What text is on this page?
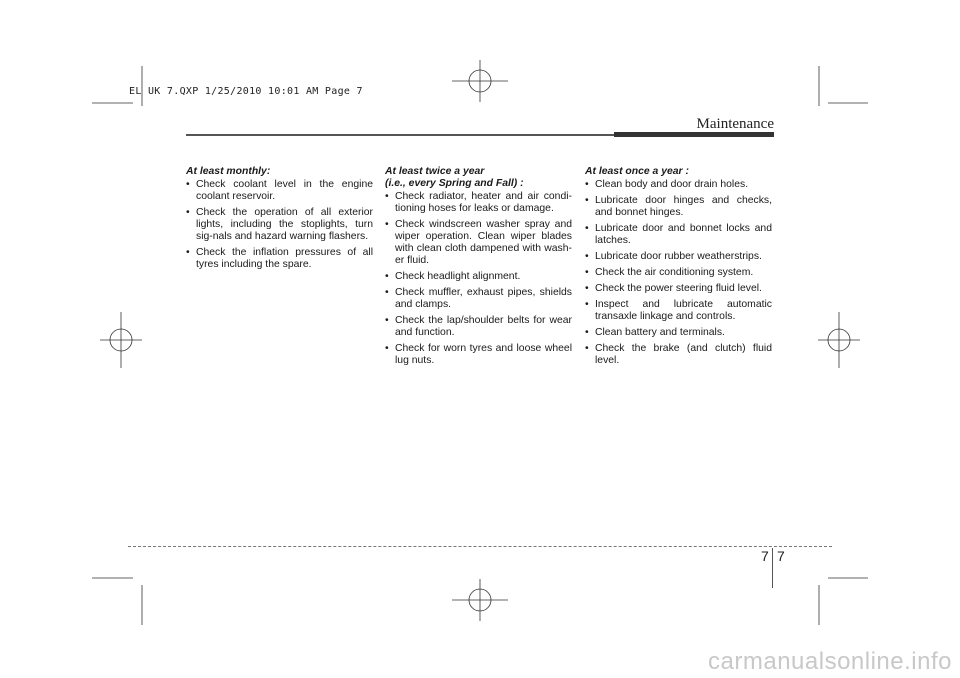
EL UK 7.QXP 1/25/2010 10:01 AM Page 7
Maintenance

At least monthly:

• Check coolant level in the engine coolant reservoir.
• Check the operation of all exterior lights, including the stoplights, turn sig-nals and hazard warning flashers.
• Check the inflation pressures of all tyres including the spare.

At least twice a year
(i.e., every Spring and Fall) :

• Check radiator, heater and air condi-tioning hoses for leaks or damage.
• Check windscreen washer spray and wiper operation. Clean wiper blades with clean cloth dampened with wash-er fluid.
• Check headlight alignment.
• Check muffler, exhaust pipes, shields and clamps.
• Check the lap/shoulder belts for wear and function.
• Check for worn tyres and loose wheel lug nuts.

At least once a year :

• Clean body and door drain holes.
• Lubricate door hinges and checks, and bonnet hinges.
• Lubricate door and bonnet locks and latches.
• Lubricate door rubber weatherstrips.
• Check the air conditioning system.
• Check the power steering fluid level.
• Inspect and lubricate automatic transaxle linkage and controls.
• Clean battery and terminals.
• Check the brake (and clutch) fluid level.
7 7
carmanualsonline.info
